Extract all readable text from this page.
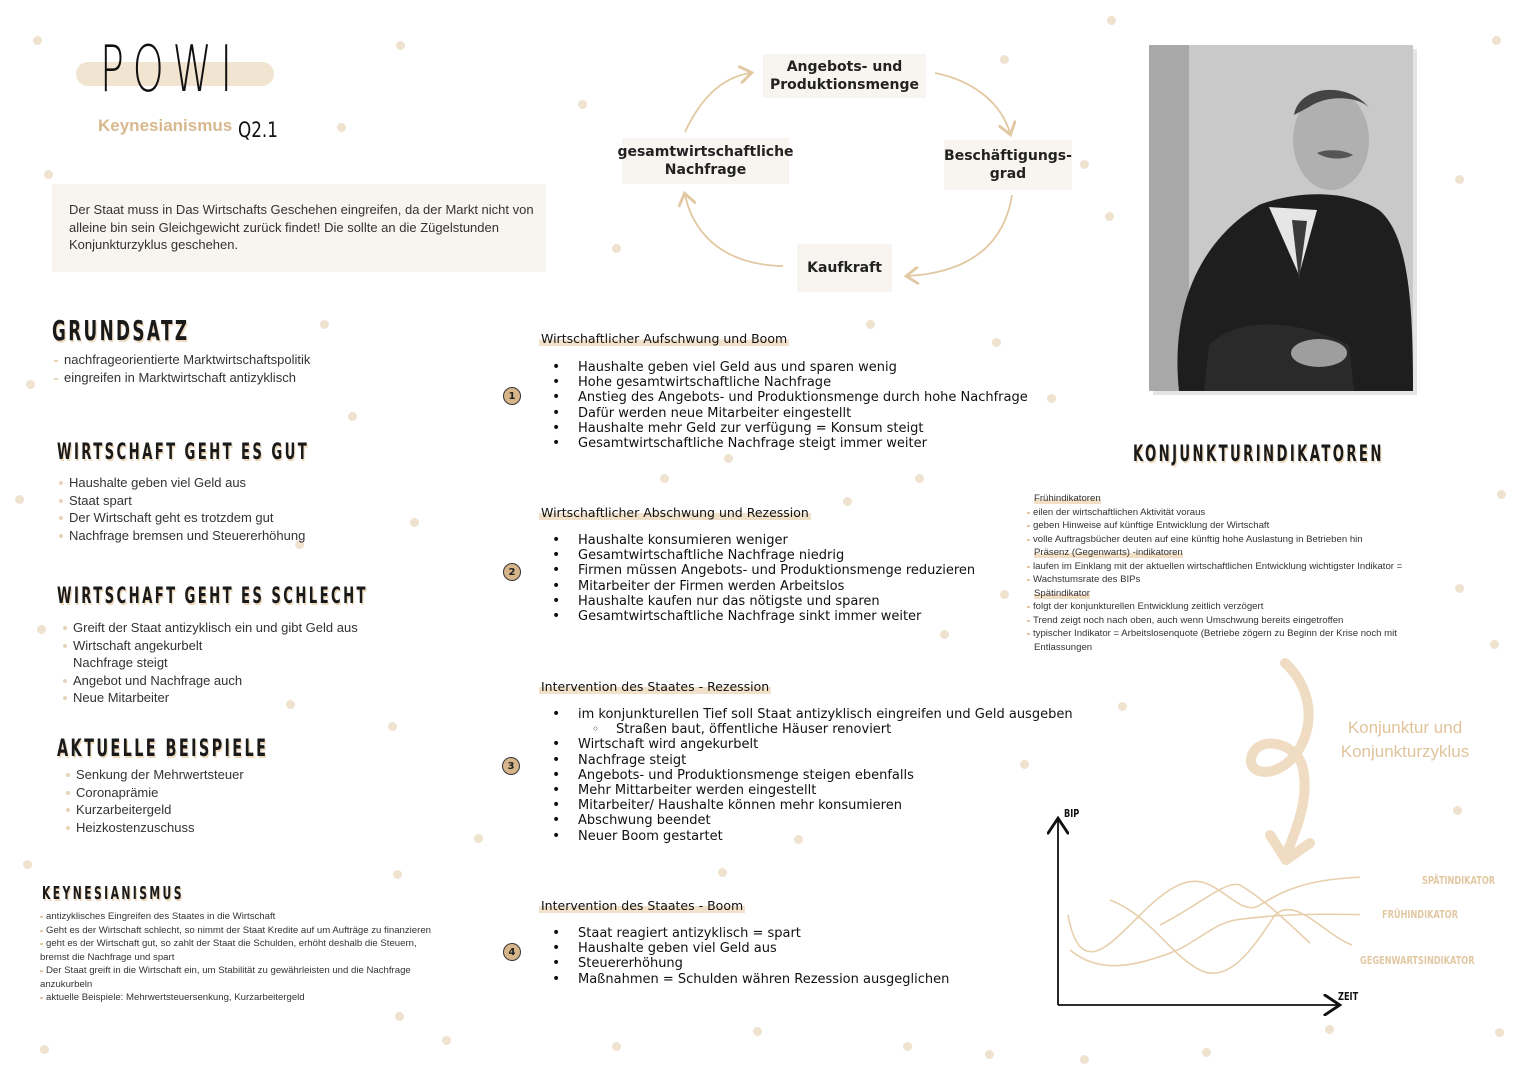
POWI
Keynesianismus Q2.1
Der Staat muss in Das Wirtschafts Geschehen eingreifen, da der Markt nicht von
alleine bin sein Gleichgewicht zurück findet! Die sollte an die Zügelstunden
Konjunkturzyklus geschehen.
GRUNDSATZ
nachfrageorientierte Marktwirtschaftspolitik
eingreifen in Marktwirtschaft antizyklisch
WIRTSCHAFT GEHT ES GUT
Haushalte geben viel Geld aus
Staat spart
Der Wirtschaft geht es trotzdem gut
Nachfrage bremsen und Steuererhöhung
WIRTSCHAFT GEHT ES SCHLECHT
Greift der Staat antizyklisch ein und gibt Geld aus
Wirtschaft angekurbelt
Nachfrage steigt
Angebot und Nachfrage auch
Neue Mitarbeiter
AKTUELLE BEISPIELE
Senkung der Mehrwertsteuer
Coronaprämie
Kurzarbeitergeld
Heizkostenzuschuss
KEYNESIANISMUS
antizyklisches Eingreifen des Staates in die Wirtschaft
Geht es der Wirtschaft schlecht, so nimmt der Staat Kredite auf um Aufträge zu finanzieren
geht es der Wirtschaft gut, so zahlt der Staat die Schulden, erhöht deshalb die Steuern,
bremst die Nachfrage und spart
Der Staat greift in die Wirtschaft ein, um Stabilität zu gewährleisten und die Nachfrage
anzukurbeln
aktuelle Beispiele: Mehrwertsteuersenkung, Kurzarbeitergeld
Angebots- und
Produktionsmenge
Beschäftigungs-
grad
Kaufkraft
gesamtwirtschaftliche
Nachfrage
Wirtschaftlicher Aufschwung und Boom
1
• Haushalte geben viel Geld aus und sparen wenig
• Hohe gesamtwirtschaftliche Nachfrage
• Anstieg des Angebots- und Produktionsmenge durch hohe Nachfrage
• Dafür werden neue Mitarbeiter eingestellt
• Haushalte mehr Geld zur verfügung = Konsum steigt
• Gesamtwirtschaftliche Nachfrage steigt immer weiter
Wirtschaftlicher Abschwung und Rezession
2
• Haushalte konsumieren weniger
• Gesamtwirtschaftliche Nachfrage niedrig
• Firmen müssen Angebots- und Produktionsmenge reduzieren
• Mitarbeiter der Firmen werden Arbeitslos
• Haushalte kaufen nur das nötigste und sparen
• Gesamtwirtschaftliche Nachfrage sinkt immer weiter
Intervention des Staates - Rezession
3
• im konjunkturellen Tief soll Staat antizyklisch eingreifen und Geld ausgeben
◦ Straßen baut, öffentliche Häuser renoviert
• Wirtschaft wird angekurbelt
• Nachfrage steigt
• Angebots- und Produktionsmenge steigen ebenfalls
• Mehr Mittarbeiter werden eingestellt
• Mitarbeiter/ Haushalte können mehr konsumieren
• Abschwung beendet
• Neuer Boom gestartet
Intervention des Staates - Boom
4
• Staat reagiert antizyklisch = spart
• Haushalte geben viel Geld aus
• Steuererhöhung
• Maßnahmen = Schulden währen Rezession ausgeglichen
KONJUNKTURINDIKATOREN
Frühindikatoren
eilen der wirtschaftlichen Aktivität voraus
geben Hinweise auf künftige Entwicklung der Wirtschaft
volle Auftragsbücher deuten auf eine künftig hohe Auslastung in Betrieben hin
Präsenz (Gegenwarts) -indikatoren
laufen im Einklang mit der aktuellen wirtschaftlichen Entwicklung wichtigster Indikator =
Wachstumsrate des BIPs
Spätindikator
folgt der konjunkturellen Entwicklung zeitlich verzögert
Trend zeigt noch nach oben, auch wenn Umschwung bereits eingetroffen
typischer Indikator = Arbeitslosenquote (Betriebe zögern zu Beginn der Krise noch mit
Entlassungen
Konjunktur und
Konjunkturzyklus
BIP
ZEIT
SPÄTINDIKATOR
FRÜHINDIKATOR
GEGENWARTSINDIKATOR
